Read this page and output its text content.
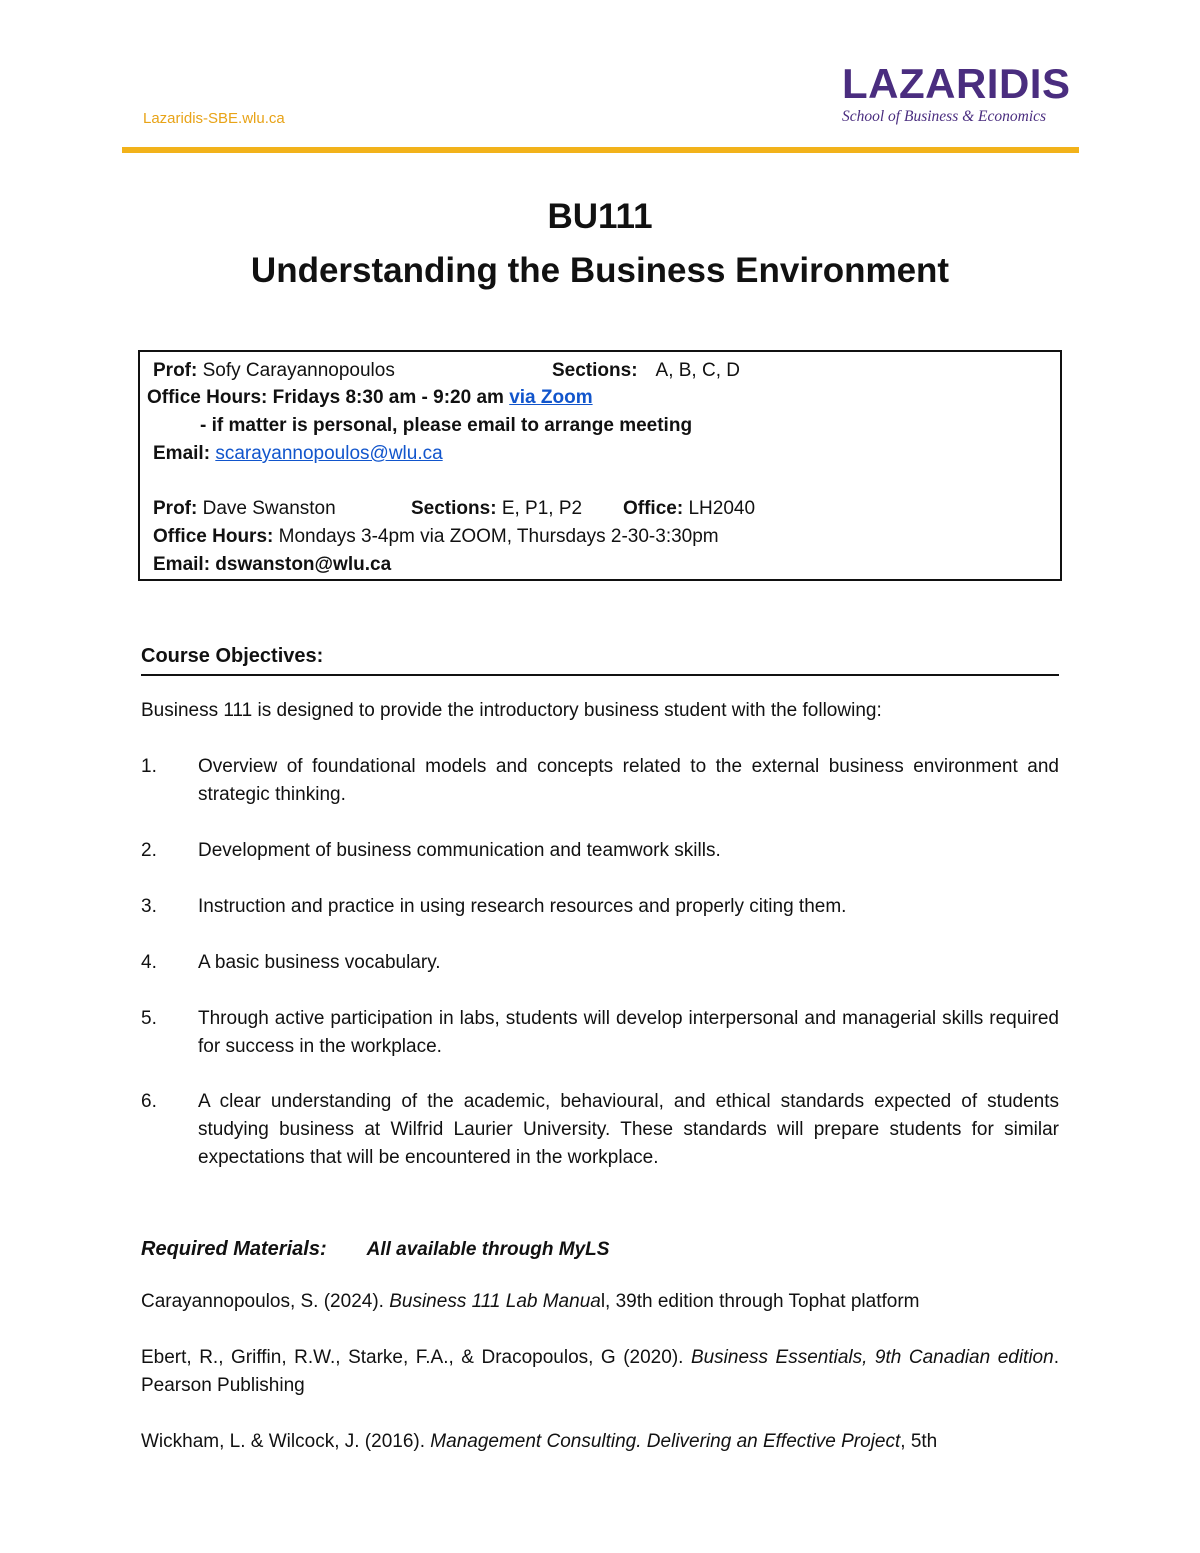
Lazaridis-SBE.wlu.ca
LAZARIDIS
School of Business & Economics
BU111
Understanding the Business Environment
Prof: Sofy Carayannopoulos	Sections: A, B, C, D
Office Hours: Fridays 8:30 am - 9:20 am via Zoom
- if matter is personal, please email to arrange meeting
Email: scarayannopoulos@wlu.ca
Prof: Dave Swanston	Sections: E, P1, P2 Office: LH2040
Office Hours: Mondays 3-4pm via ZOOM, Thursdays 2-30-3:30pm
Email: dswanston@wlu.ca
Course Objectives:
Business 111 is designed to provide the introductory business student with the following:
1. Overview of foundational models and concepts related to the external business environment and strategic thinking.
2. Development of business communication and teamwork skills.
3. Instruction and practice in using research resources and properly citing them.
4. A basic business vocabulary.
5. Through active participation in labs, students will develop interpersonal and managerial skills required for success in the workplace.
6. A clear understanding of the academic, behavioural, and ethical standards expected of students studying business at Wilfrid Laurier University. These standards will prepare students for similar expectations that will be encountered in the workplace.
Required Materials: All available through MyLS
Carayannopoulos, S. (2024). Business 111 Lab Manual, 39th edition through Tophat platform
Ebert, R., Griffin, R.W., Starke, F.A., & Dracopoulos, G (2020). Business Essentials, 9th Canadian edition. Pearson Publishing
Wickham, L. & Wilcock, J. (2016). Management Consulting. Delivering an Effective Project, 5th
